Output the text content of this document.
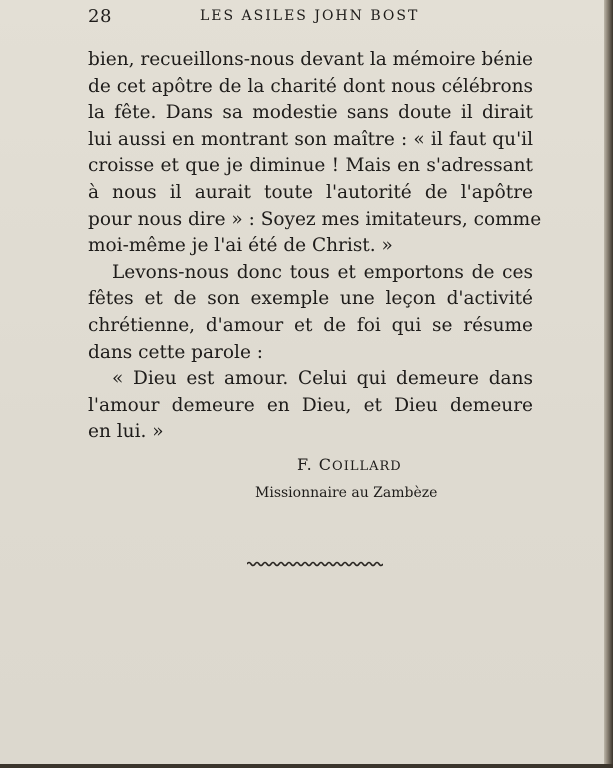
28	LES ASILES JOHN BOST
bien, recueillons-nous devant la mémoire bénie
de cet apôtre de la charité dont nous célébrons
la fête. Dans sa modestie sans doute il dirait
lui aussi en montrant son maître : « il faut qu'il
croisse et que je diminue ! Mais en s'adressant
à nous il aurait toute l'autorité de l'apôtre
pour nous dire » : Soyez mes imitateurs, comme
moi-même je l'ai été de Christ. »
Levons-nous donc tous et emportons de ces
fêtes et de son exemple une leçon d'activité
chrétienne, d'amour et de foi qui se résume
dans cette parole :
« Dieu est amour. Celui qui demeure dans
l'amour demeure en Dieu, et Dieu demeure
en lui. »
F. COILLARD
Missionnaire au Zambèze
